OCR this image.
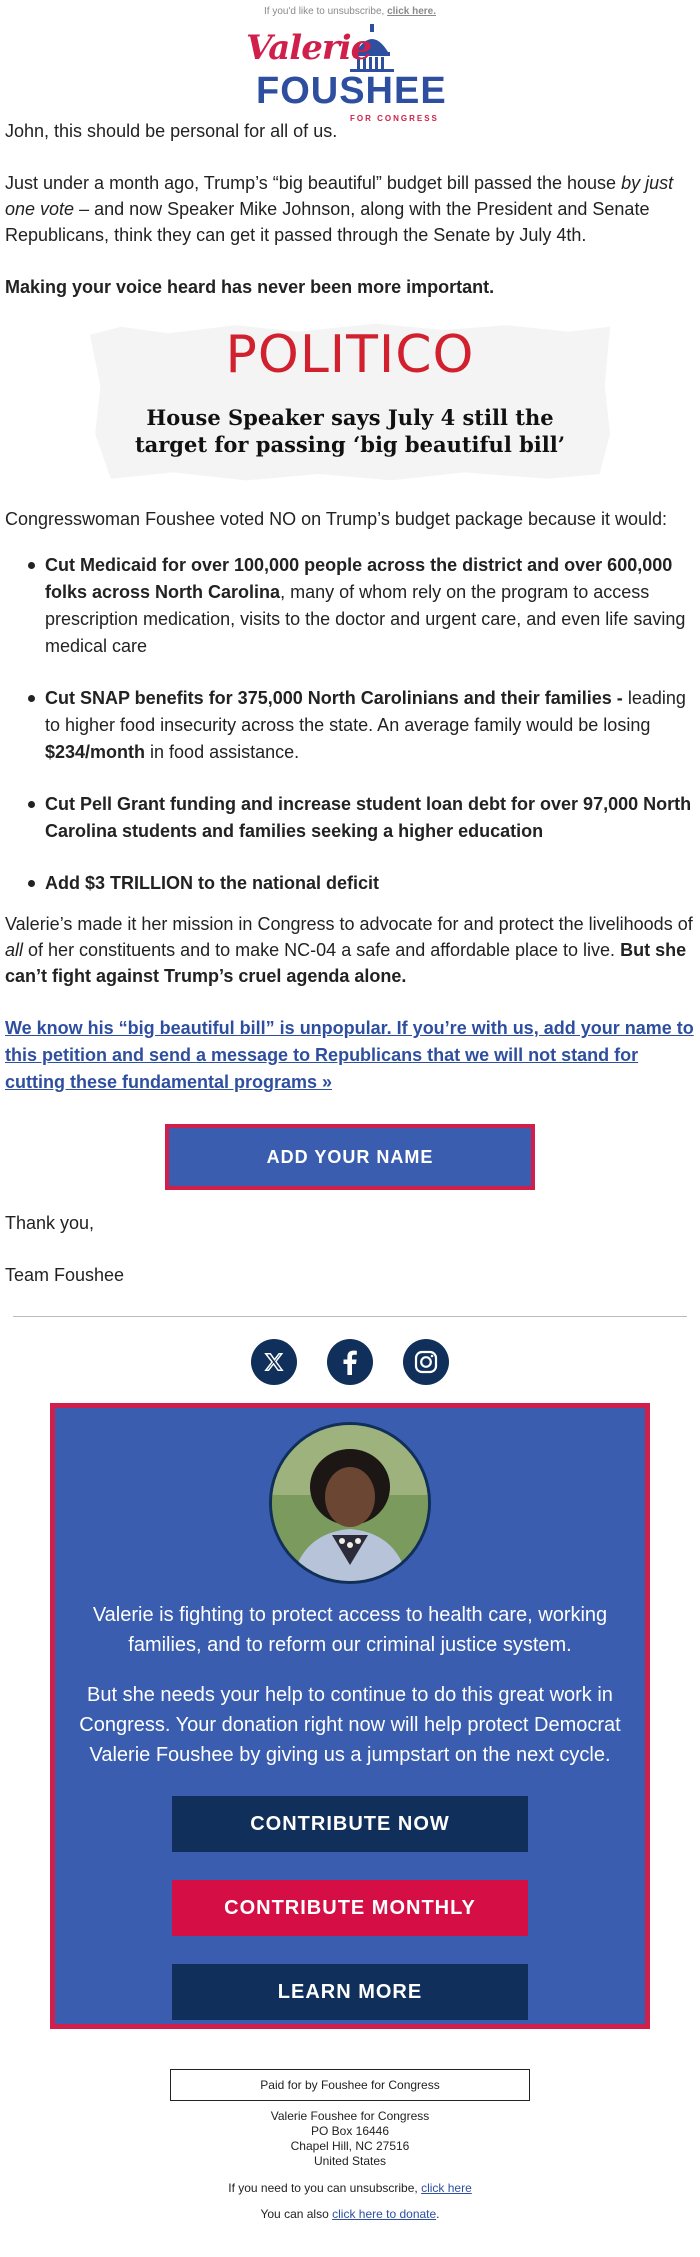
If you'd like to unsubscribe, click here.
Valerie
FOUSHEE
FOR CONGRESS

John, this should be personal for all of us.

Just under a month ago, Trump’s “big beautiful” budget bill passed the house by just one vote – and now Speaker Mike Johnson, along with the President and Senate Republicans, think they can get it passed through the Senate by July 4th.

Making your voice heard has never been more important.

POLITICO
House Speaker says July 4 still the target for passing ‘big beautiful bill’

Congresswoman Foushee voted NO on Trump’s budget package because it would:

Cut Medicaid for over 100,000 people across the district and over 600,000 folks across North Carolina, many of whom rely on the program to access prescription medication, visits to the doctor and urgent care, and even life saving medical care
Cut SNAP benefits for 375,000 North Carolinians and their families - leading to higher food insecurity across the state. An average family would be losing $234/month in food assistance.
Cut Pell Grant funding and increase student loan debt for over 97,000 North Carolina students and families seeking a higher education
Add $3 TRILLION to the national deficit

Valerie’s made it her mission in Congress to advocate for and protect the livelihoods of all of her constituents and to make NC-04 a safe and affordable place to live. But she can’t fight against Trump’s cruel agenda alone.

We know his “big beautiful bill” is unpopular. If you’re with us, add your name to this petition and send a message to Republicans that we will not stand for cutting these fundamental programs »

ADD YOUR NAME

Thank you,

Team Foushee

Valerie is fighting to protect access to health care, working families, and to reform our criminal justice system.

But she needs your help to continue to do this great work in Congress. Your donation right now will help protect Democrat Valerie Foushee by giving us a jumpstart on the next cycle.

CONTRIBUTE NOW
CONTRIBUTE MONTHLY
LEARN MORE
Paid for by Foushee for Congress
Valerie Foushee for Congress
PO Box 16446
Chapel Hill, NC 27516
United States
If you need to you can unsubscribe, click here
You can also click here to donate.
